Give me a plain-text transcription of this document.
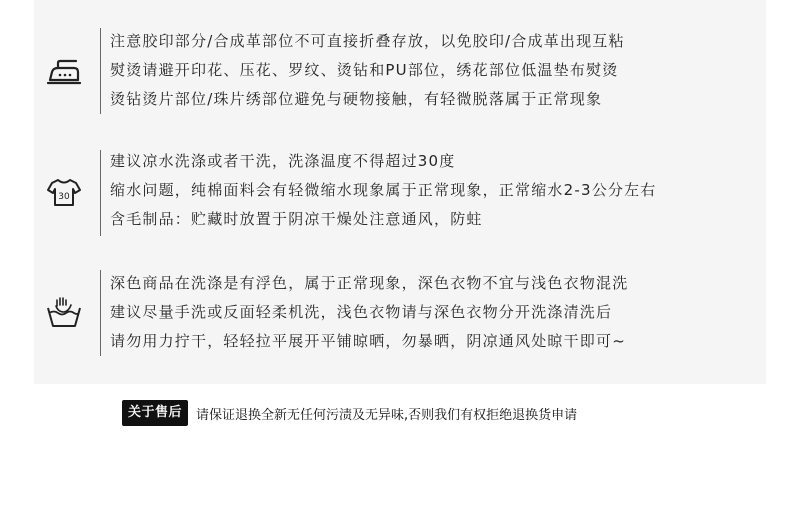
注意胶印部分/合成革部位不可直接折叠存放，以免胶印/合成革出现互粘
熨烫请避开印花、压花、罗纹、烫钻和PU部位，绣花部位低温垫布熨烫
烫钻烫片部位/珠片绣部位避免与硬物接触，有轻微脱落属于正常现象
30
建议凉水洗涤或者干洗，洗涤温度不得超过30度
缩水问题，纯棉面料会有轻微缩水现象属于正常现象，正常缩水2-3公分左右
含毛制品：贮藏时放置于阴凉干燥处注意通风，防蛀
深色商品在洗涤是有浮色，属于正常现象，深色衣物不宜与浅色衣物混洗
建议尽量手洗或反面轻柔机洗，浅色衣物请与深色衣物分开洗涤清洗后
请勿用力拧干，轻轻拉平展开平铺晾晒，勿暴晒，阴凉通风处晾干即可~
关于售后	请保证退换全新无任何污渍及无异味,否则我们有权拒绝退换货申请
